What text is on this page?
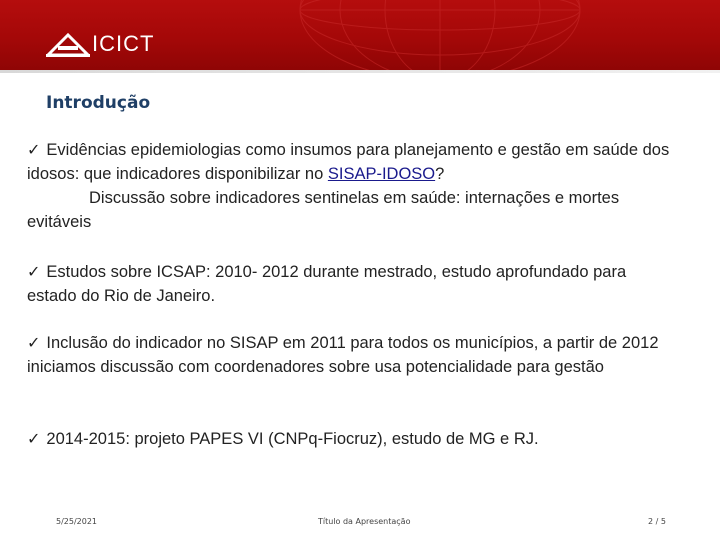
ICICT
Introdução

✓ Evidências epidemiologias como insumos para planejamento e gestão em saúde dos idosos: que indicadores disponibilizar no SISAP-IDOSO?
Discussão sobre indicadores sentinelas em saúde: internações e mortes evitáveis

✓ Estudos sobre ICSAP: 2010- 2012 durante mestrado, estudo aprofundado para estado do Rio de Janeiro.

✓ Inclusão do indicador no SISAP em 2011 para todos os municípios, a partir de 2012 iniciamos discussão com coordenadores sobre usa potencialidade para gestão

✓ 2014-2015: projeto PAPES VI (CNPq-Fiocruz), estudo de MG e RJ.

5/25/2021	Título da Apresentação	2 / 5
